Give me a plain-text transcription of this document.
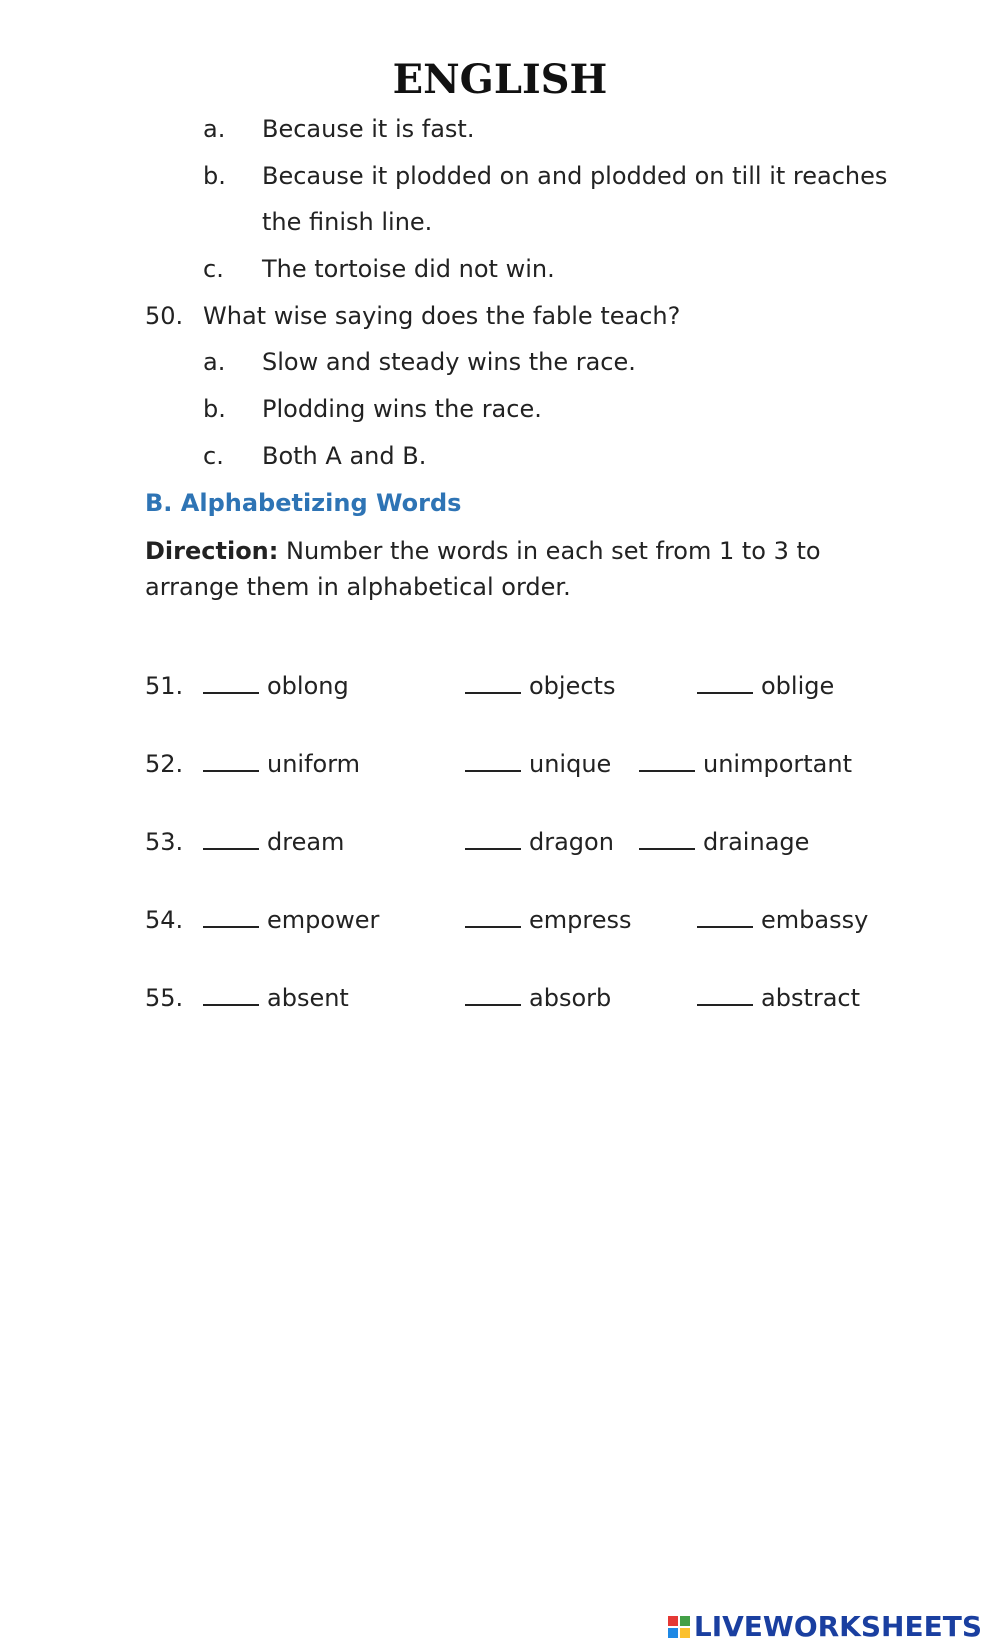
ENGLISH
a. Because it is fast.
b. Because it plodded on and plodded on till it reaches
the finish line.
c. The tortoise did not win.
50. What wise saying does the fable teach?
a. Slow and steady wins the race.
b. Plodding wins the race.
c. Both A and B.
B. Alphabetizing Words
Direction: Number the words in each set from 1 to 3 to
arrange them in alphabetical order.
51.	oblong	objects	oblige
52.	uniform	unique	unimportant
53.	dream	dragon	drainage
54.	empower	empress	embassy
55.	absent	absorb	abstract
LIVEWORKSHEETS
